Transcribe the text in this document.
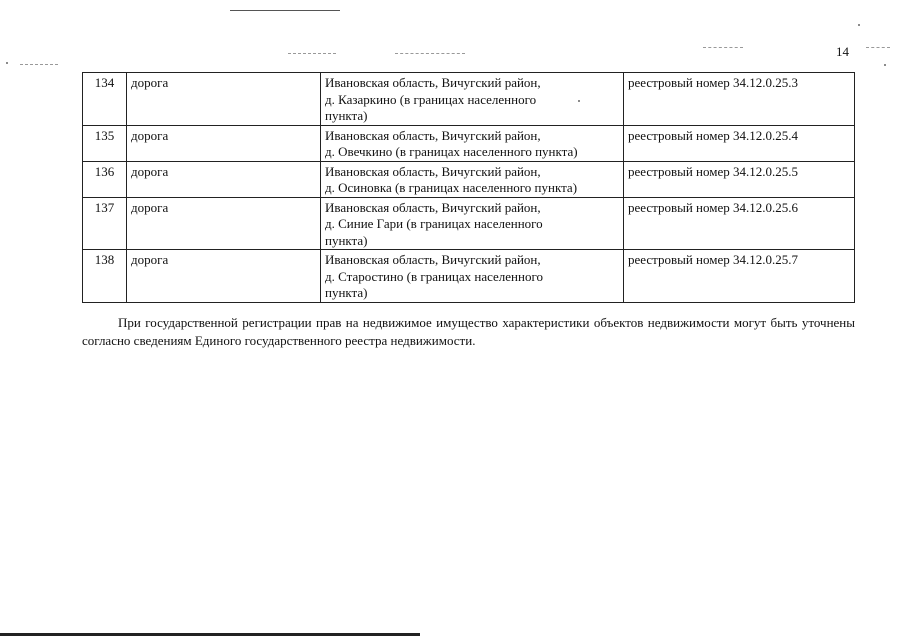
14
134	дорога	Ивановская область, Вичугский район,
д. Казаркино (в границах населенного
пункта)	реестровый номер 34.12.0.25.3
135	дорога	Ивановская область, Вичугский район,
д. Овечкино (в границах населенного пункта)	реестровый номер 34.12.0.25.4
136	дорога	Ивановская область, Вичугский район,
д. Осиновка (в границах населенного пункта)	реестровый номер 34.12.0.25.5
137	дорога	Ивановская область, Вичугский район,
д. Синие Гари (в границах населенного
пункта)	реестровый номер 34.12.0.25.6
138	дорога	Ивановская область, Вичугский район,
д. Старостино (в границах населенного
пункта)	реестровый номер 34.12.0.25.7
При государственной регистрации прав на недвижимое имущество характеристики объектов недвижимости могут быть уточнены согласно сведениям Единого государственного реестра недвижимости.
